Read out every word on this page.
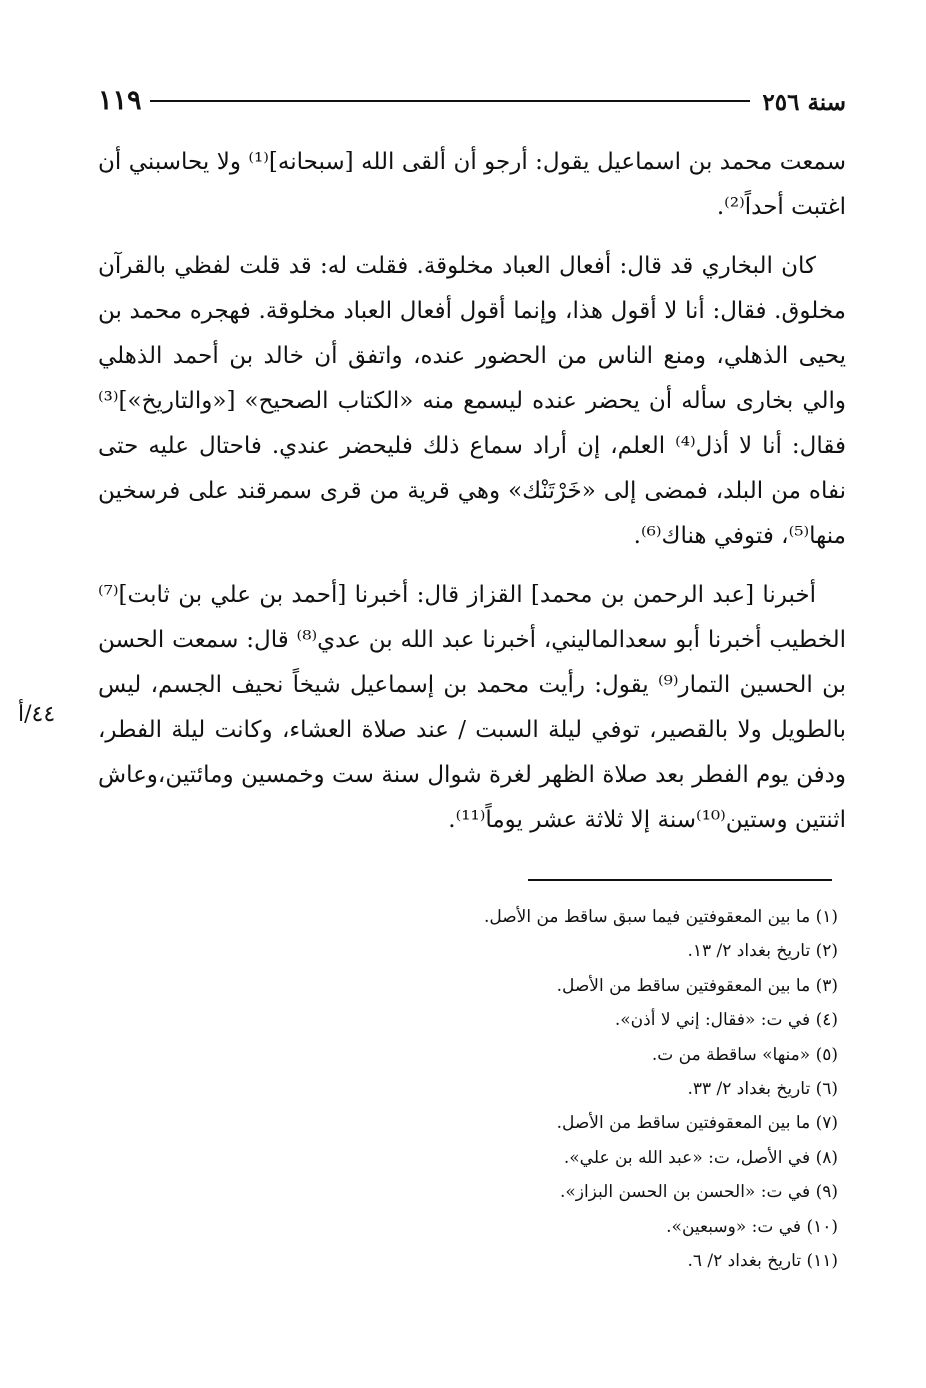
١١٩	سنة ٢٥٦

سمعت محمد بن اسماعيل يقول: أرجو أن ألقى الله [سبحانه]⁽¹⁾ ولا يحاسبني أن اغتبت أحداً⁽²⁾.

كان البخاري قد قال: أفعال العباد مخلوقة. فقلت له: قد قلت لفظي بالقرآن مخلوق. فقال: أنا لا أقول هذا، وإنما أقول أفعال العباد مخلوقة. فهجره محمد بن يحيى الذهلي، ومنع الناس من الحضور عنده، واتفق أن خالد بن أحمد الذهلي والي بخارى سأله أن يحضر عنده ليسمع منه «الكتاب الصحيح» [«والتاريخ»]⁽³⁾فقال: أنا لا أذل⁽⁴⁾ العلم، إن أراد سماع ذلك فليحضر عندي. فاحتال عليه حتى نفاه من البلد، فمضى إلى «خَرْتَنْك» وهي قرية من قرى سمرقند على فرسخين منها⁽⁵⁾، فتوفي هناك⁽⁶⁾.

أخبرنا [عبد الرحمن بن محمد] القزاز قال: أخبرنا [أحمد بن علي بن ثابت]⁽⁷⁾ الخطيب أخبرنا أبو سعدالماليني، أخبرنا عبد الله بن عدي⁽⁸⁾ قال: سمعت الحسن بن الحسين التمار⁽⁹⁾ يقول: رأيت محمد بن إسماعيل شيخاً نحيف الجسم، ليس بالطويل ولا بالقصير، توفي ليلة السبت / عند صلاة العشاء، وكانت ليلة الفطر، ودفن يوم الفطر بعد صلاة الظهر لغرة شوال سنة ست وخمسين ومائتين،وعاش اثنتين وستين⁽¹⁰⁾سنة إلا ثلاثة عشر يوماً⁽¹¹⁾.

٤٤/أ
(١) ما بين المعقوفتين فيما سبق ساقط من الأصل.
(٢) تاريخ بغداد ٢/ ١٣.
(٣) ما بين المعقوفتين ساقط من الأصل.
(٤) في ت: «فقال: إني لا أذن».
(٥) «منها» ساقطة من ت.
(٦) تاريخ بغداد ٢/ ٣٣.
(٧) ما بين المعقوفتين ساقط من الأصل.
(٨) في الأصل، ت: «عبد الله بن علي».
(٩) في ت: «الحسن بن الحسن البزاز».
(١٠) في ت: «وسبعين».
(١١) تاريخ بغداد ٢/ ٦.
